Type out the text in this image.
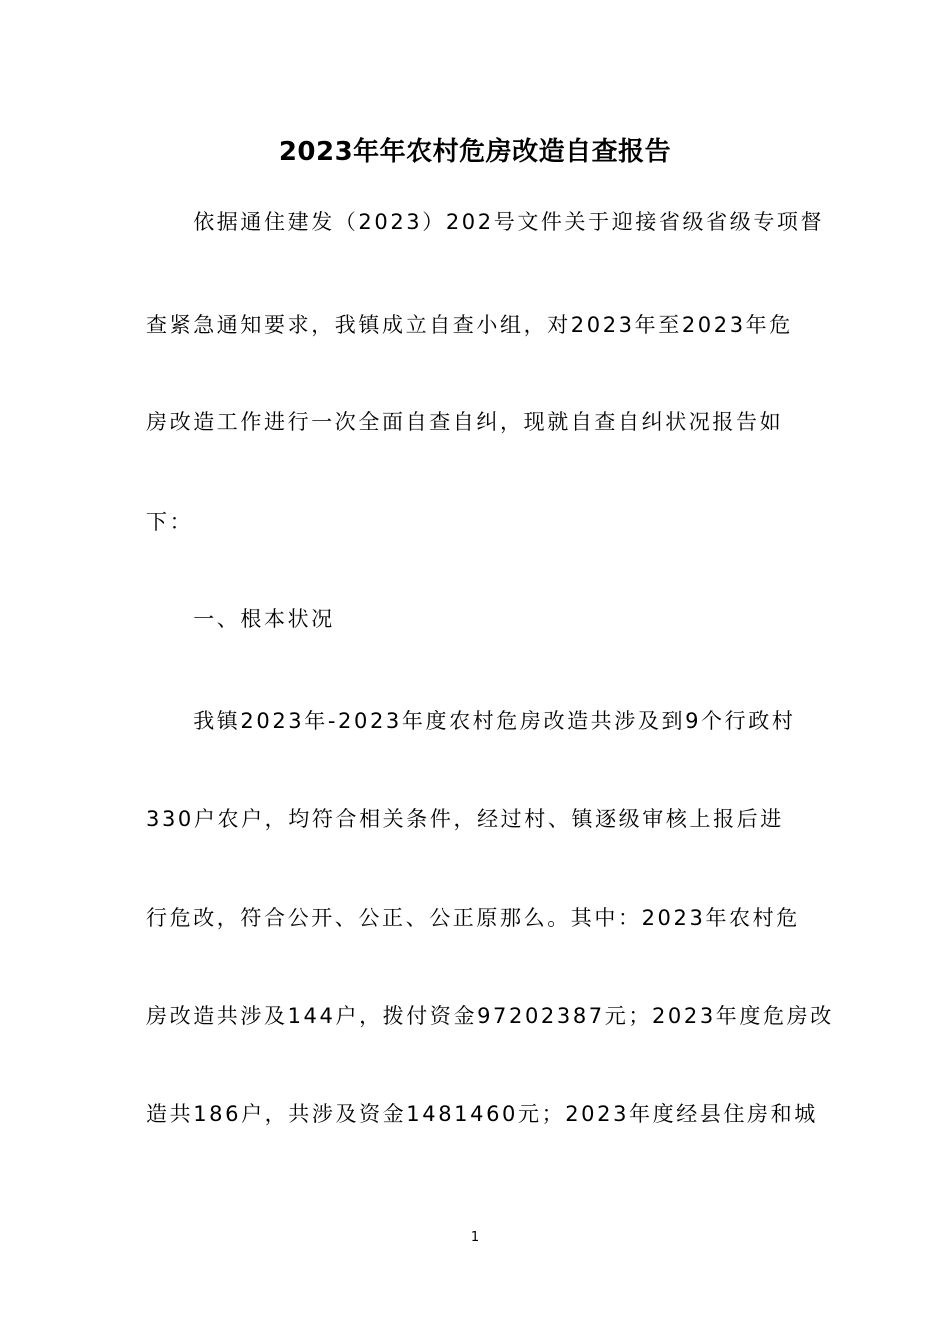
2023年年农村危房改造自查报告
　　依据通住建发（2023）202号文件关于迎接省级省级专项督
查紧急通知要求，我镇成立自查小组，对2023年至2023年危
房改造工作进行一次全面自查自纠，现就自查自纠状况报告如
下：
　　一、根本状况
　　我镇2023年-2023年度农村危房改造共涉及到9个行政村
330户农户，均符合相关条件，经过村、镇逐级审核上报后进
行危改，符合公开、公正、公正原那么。其中：2023年农村危
房改造共涉及144户，拨付资金97202387元；2023年度危房改
造共186户，共涉及资金1481460元；2023年度经县住房和城
1
